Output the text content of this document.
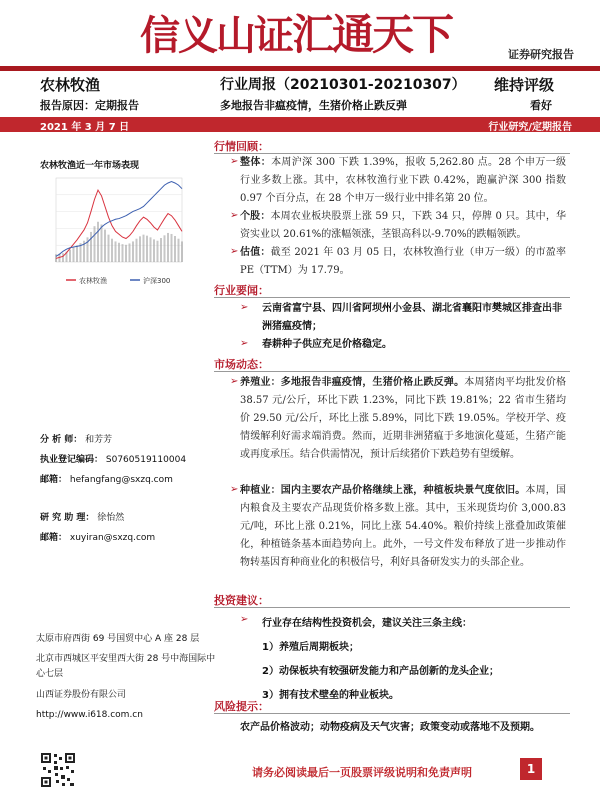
信义山证汇通天下	证券研究报告
农林牧渔	行业周报（20210301-20210307） 维持评级
报告原因：定期报告	多地报告非瘟疫情，生猪价格止跌反弹	看好
2021 年 3 月 7 日	行业研究/定期报告
农林牧渔近一年市场表现
农林牧渔	沪深300
分 析 师： 和芳芳
执业登记编码： S0760519110004
邮箱： hefangfang@sxzq.com
研 究 助 理： 徐怡然
邮箱： xuyiran@sxzq.com
太原市府西街 69 号国贸中心 A 座 28 层
北京市西城区平安里西大街 28 号中海国际中心七层
山西证券股份有限公司
http://www.i618.com.cn
行情回顾：
➢ 整体：本周沪深 300 下跌 1.39%，报收 5,262.80 点。28 个申万一级行业多数上涨。其中，农林牧渔行业下跌 0.42%，跑赢沪深 300 指数 0.97 个百分点，在 28 个申万一级行业中排名第 20 位。
➢ 个股：本周农业板块股票上涨 59 只，下跌 34 只，停牌 0 只。其中，华资实业以 20.61%的涨幅领涨，茎银高科以-9.70%的跌幅领跌。
➢ 估值：截至 2021 年 03 月 05 日，农林牧渔行业（申万一级）的市盈率 PE（TTM）为 17.79。
行业要闻：
➢ 云南省富宁县、四川省阿坝州小金县、湖北省襄阳市樊城区排查出非洲猪瘟疫情；
➢ 春耕种子供应充足价格稳定。
市场动态：
➢ 养殖业：多地报告非瘟疫情，生猪价格止跌反弹。本周猪肉平均批发价格 38.57 元/公斤，环比下跌 1.23%，同比下跌 19.81%；22 省市生猪均价 29.50 元/公斤，环比上涨 5.89%，同比下跌 19.05%。学校开学、疫情缓解利好需求端消费。然而，近期非洲猪瘟于多地演化蔓延，生猪产能或再度承压。结合供需情况，预计后续猪价下跌趋势有望缓解。
➢ 种植业：国内主要农产品价格继续上涨，种植板块景气度依旧。本周，国内粮食及主要农产品现货价格多数上涨。其中，玉米现货均价 3,000.83 元/吨，环比上涨 0.21%，同比上涨 54.40%。粮价持续上涨叠加政策催化，种植链条基本面趋势向上。此外，一号文件发布释放了进一步推动作物转基因育种商业化的积极信号，利好具备研发实力的头部企业。
投资建议：
➢ 行业存在结构性投资机会，建议关注三条主线：
1）养殖后周期板块；
2）动保板块有较强研发能力和产品创新的龙头企业；
3）拥有技术壁垒的种业板块。
风险提示：
农产品价格波动；动物疫病及天气灾害；政策变动或落地不及预期。
请务必阅读最后一页股票评级说明和免责声明	1
